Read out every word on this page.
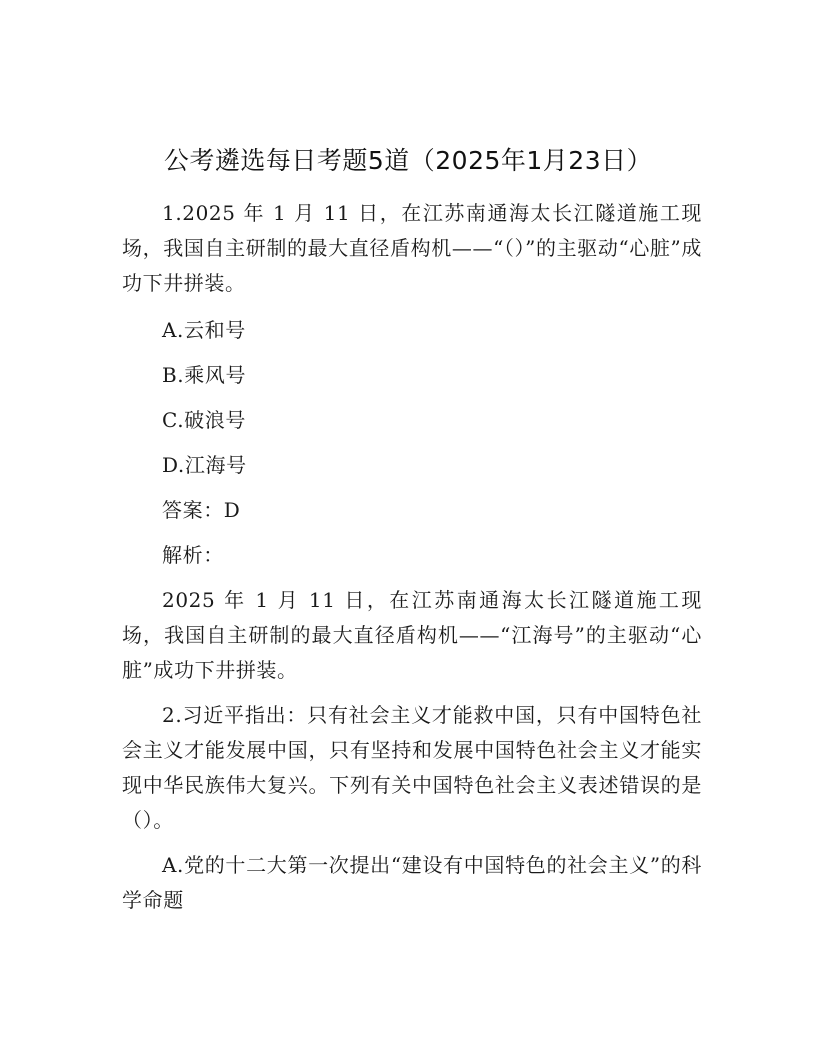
公考遴选每日考题5道（2025年1月23日）

1.2025 年 1 月 11 日，在江苏南通海太长江隧道施工现场，我国自主研制的最大直径盾构机——“（）”的主驱动“心脏”成功下井拼装。

A.云和号

B.乘风号

C.破浪号

D.江海号

答案：D

解析：

2025 年 1 月 11 日，在江苏南通海太长江隧道施工现场，我国自主研制的最大直径盾构机——“江海号”的主驱动“心脏”成功下井拼装。

2.习近平指出：只有社会主义才能救中国，只有中国特色社会主义才能发展中国，只有坚持和发展中国特色社会主义才能实现中华民族伟大复兴。下列有关中国特色社会主义表述错误的是（）。

A.党的十二大第一次提出“建设有中国特色的社会主义”的科学命题
